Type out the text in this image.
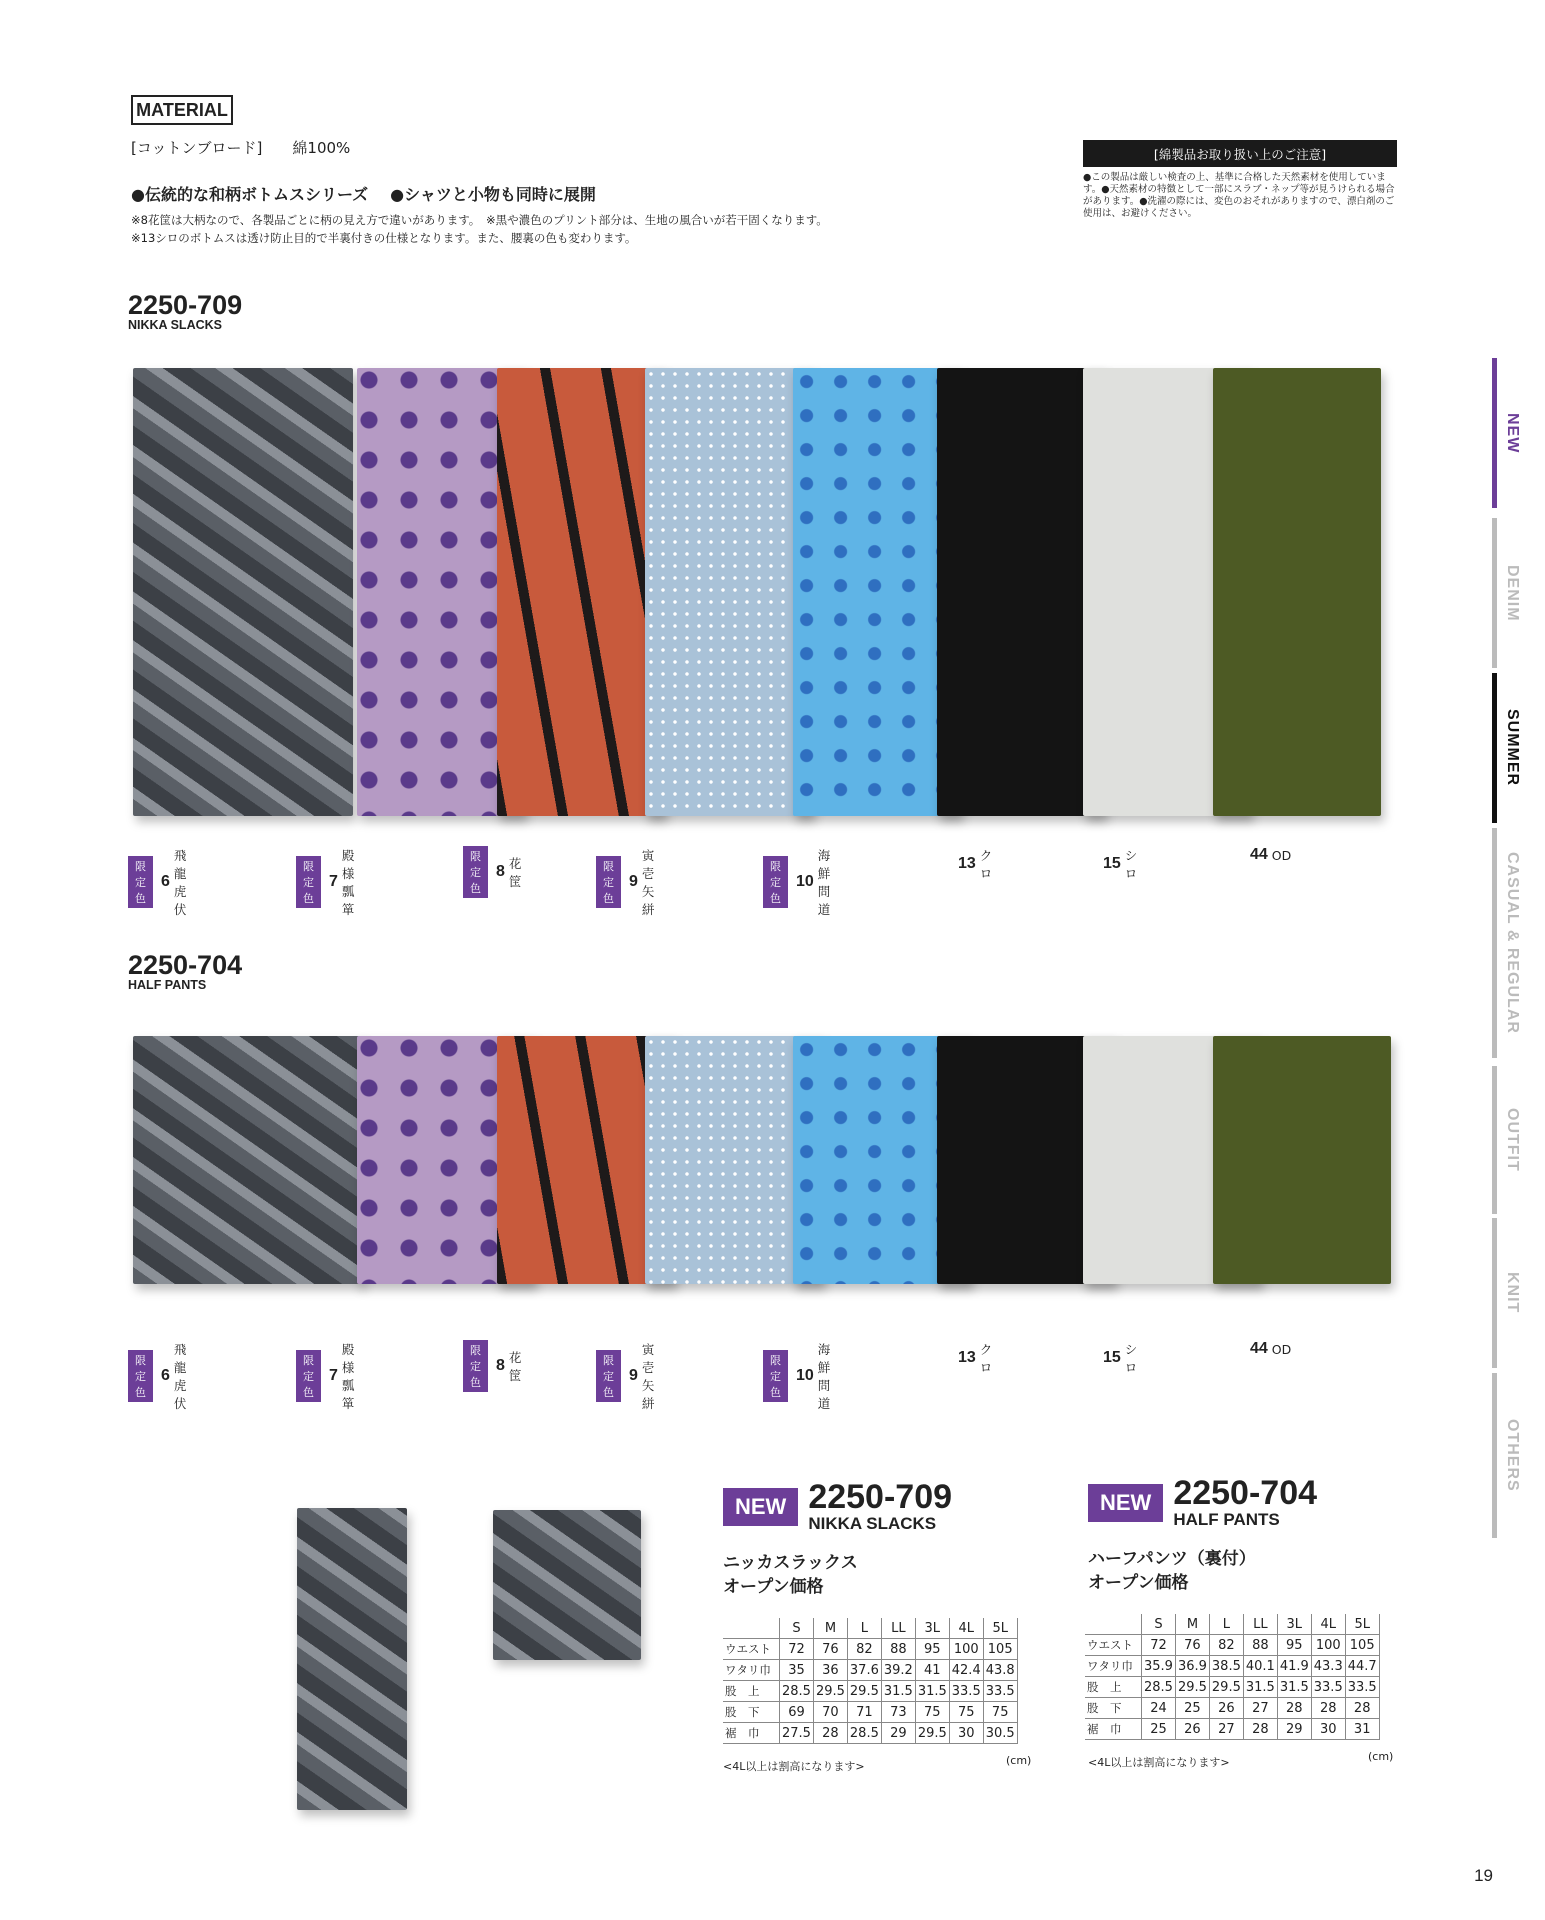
MATERIAL
[コットンブロード] 綿100%
●伝統的な和柄ボトムスシリーズ ●シャツと小物も同時に展開
※8花筐は大柄なので、各製品ごとに柄の見え方で違いがあります。　※黒や濃色のプリント部分は、生地の風合いが若干固くなります。
※13シロのボトムスは透け防止目的で半裏付きの仕様となります。また、腰裏の色も変わります。
[綿製品お取り扱い上のご注意]
●この製品は厳しい検査の上、基準に合格した天然素材を使用しています。●天然素材の特徴として一部にスラブ・ネップ等が見うけられる場合があります。●洗濯の際には、変色のおそれがありますので、漂白剤のご使用は、お避けください。
2250-709
NIKKA SLACKS
限定色
6
飛龍虎伏
限定色
7
殿様瓢箪
限定色
8 花筐
限定色
9
寅壱矢絣
限定色
10
海鮮問道
13 クロ
15 シロ
44 OD
2250-704
HALF PANTS
限定色
6
飛龍虎伏
限定色
7
殿様瓢箪
限定色
8 花筐
限定色
9
寅壱矢絣
限定色
10
海鮮問道
13 クロ
15 シロ
44 OD
NEW
DENIM
SUMMER
CASUAL & REGULAR
OUTFIT
KNIT
OTHERS
NEW 2250-709
NIKKA SLACKS
ニッカスラックス
オープン価格
	S	M	L	LL	3L	4L	5L
ウエスト	72	76	82	88	95	100	105
ワタリ巾	35	36	37.6	39.2	41	42.4	43.8
股　上	28.5	29.5	29.5	31.5	31.5	33.5	33.5
股　下	69	70	71	73	75	75	75
裾　巾	27.5	28	28.5	29	29.5	30	30.5
<4L以上は割高になります>	(cm)
NEW 2250-704
HALF PANTS
ハーフパンツ（裏付）
オープン価格
	S	M	L	LL	3L	4L	5L
ウエスト	72	76	82	88	95	100	105
ワタリ巾	35.9	36.9	38.5	40.1	41.9	43.3	44.7
股　上	28.5	29.5	29.5	31.5	31.5	33.5	33.5
股　下	24	25	26	27	28	28	28
裾　巾	25	26	27	28	29	30	31
<4L以上は割高になります>	(cm)
19
